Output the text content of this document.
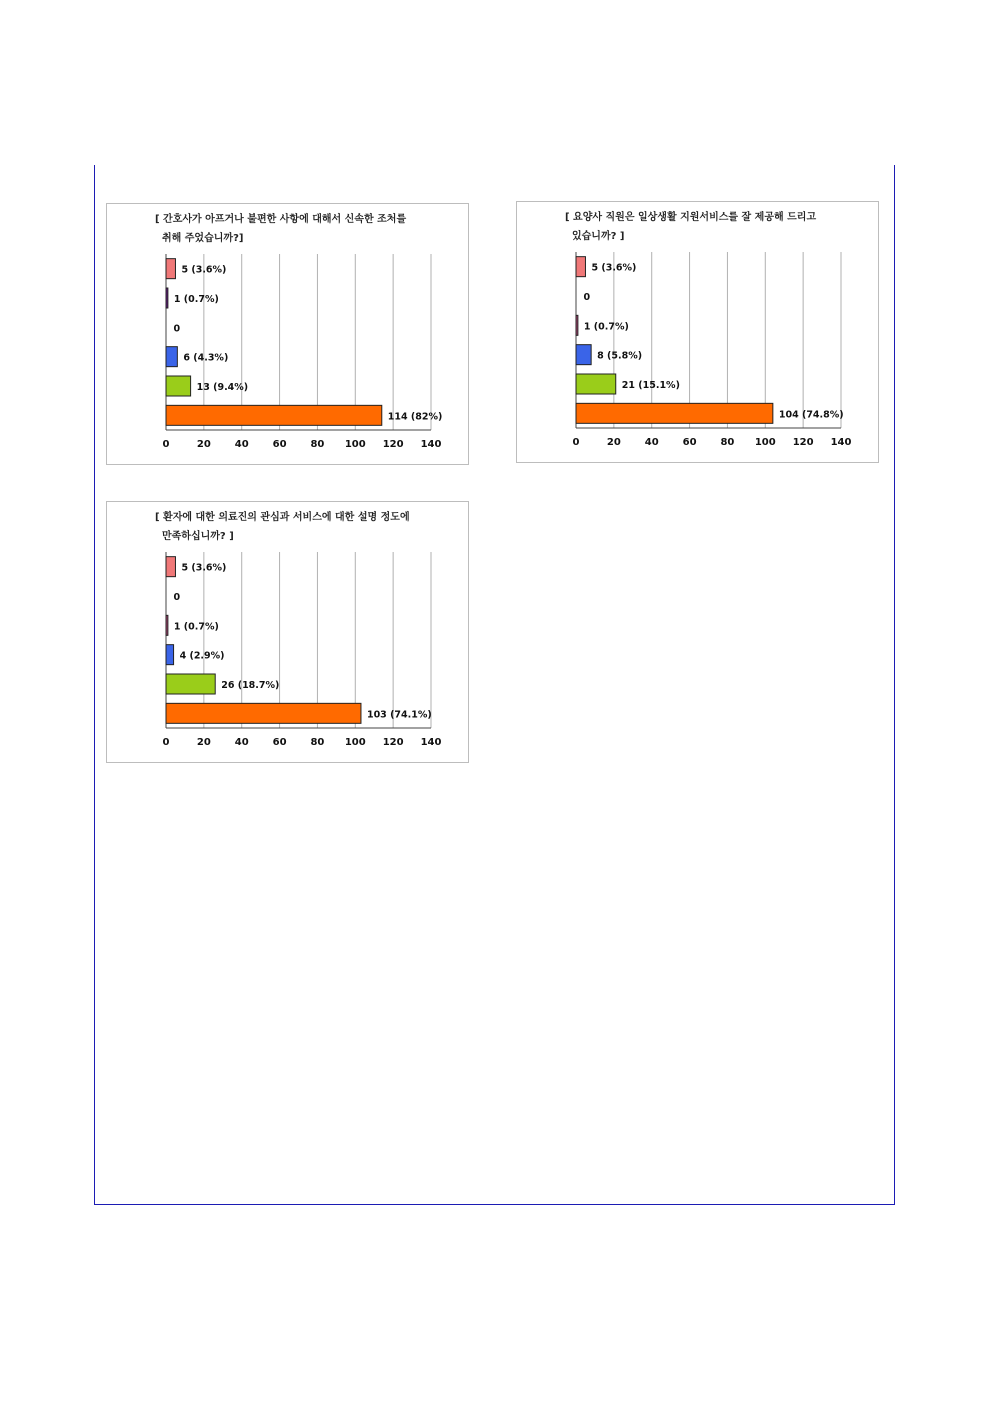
[ 간호사가 아프거나 불편한 사항에 대해서 신속한 조처를
취해 주었습니까?]
0	20 40 60 80 100 120 140
5 (3.6%)
1 (0.7%)
0
6 (4.3%)
13 (9.4%)
114 (82%)
[ 요양사 직원은 일상생활 지원서비스를 잘 제공해 드리고
있습니까? ]
0	20 40 60 80 100 120 140
5 (3.6%)
0
1 (0.7%)
8 (5.8%)
21 (15.1%)
104 (74.8%)
[ 환자에 대한 의료진의 관심과 서비스에 대한 설명 정도에
만족하십니까? ]
0	20 40 60 80 100 120 140
5 (3.6%)
0
1 (0.7%)
4 (2.9%)
26 (18.7%)
103 (74.1%)
